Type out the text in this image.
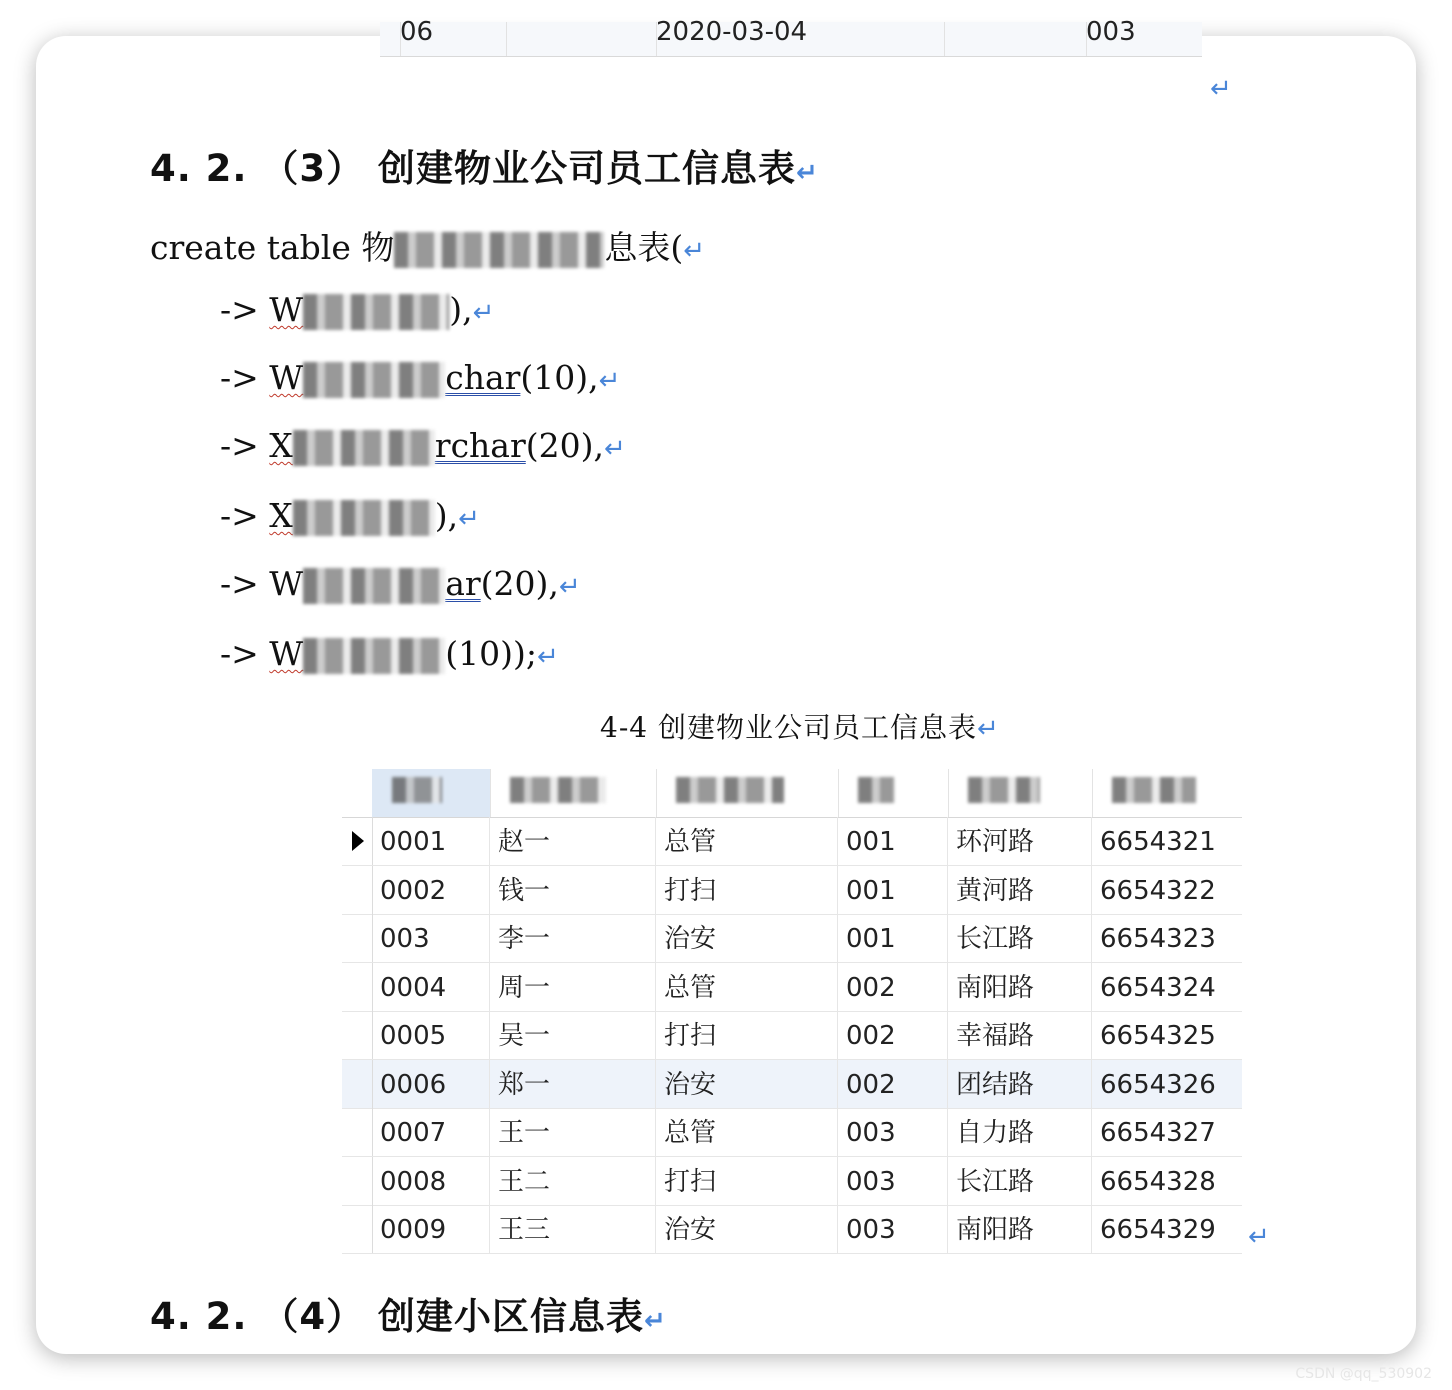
06	2020-03-04	003
↵
4. 2. （3） 创建物业公司员工信息表↵
create table 物	息表(↵
-> W	),↵
-> W	char(10),↵
-> X	rchar(20),↵
-> X	),↵
-> W	ar(20),↵
-> W	(10));↵
4-4 创建物业公司员工信息表↵
0001	赵一	总管	001	环河路	6654321
0002	钱一	打扫	001	黄河路	6654322
003	李一	治安	001	长江路	6654323
0004	周一	总管	002	南阳路	6654324
0005	吴一	打扫	002	幸福路	6654325
0006	郑一	治安	002	团结路	6654326
0007	王一	总管	003	自力路	6654327
0008	王二	打扫	003	长江路	6654328
0009	王三	治安	003	南阳路	6654329	↵
4. 2. （4） 创建小区信息表↵
CSDN @qq_530902
